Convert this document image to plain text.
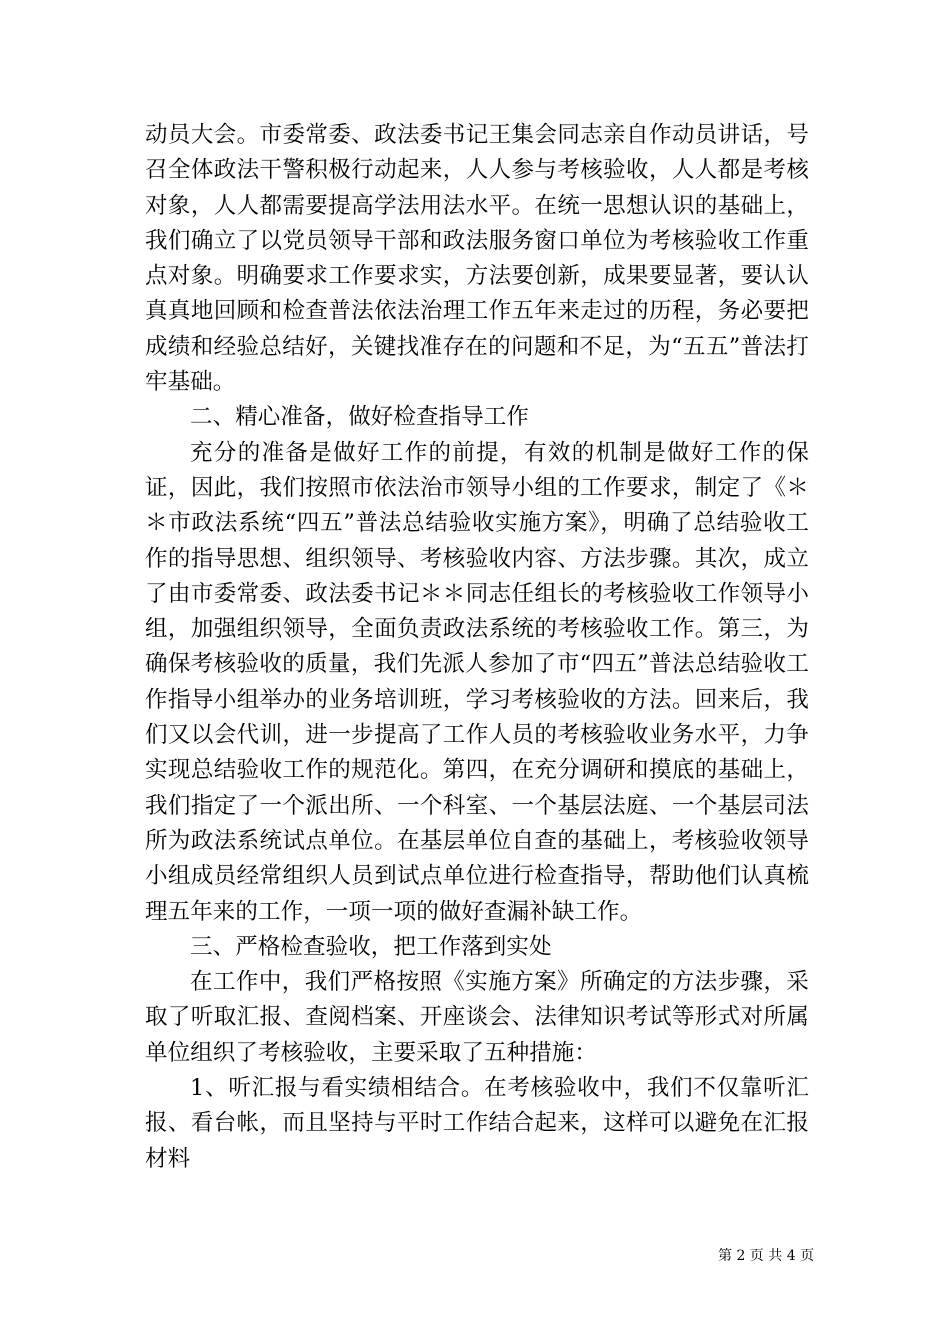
动员大会。市委常委、政法委书记王集会同志亲自作动员讲话，号召全体政法干警积极行动起来，人人参与考核验收，人人都是考核对象，人人都需要提高学法用法水平。在统一思想认识的基础上，我们确立了以党员领导干部和政法服务窗口单位为考核验收工作重点对象。明确要求工作要求实，方法要创新，成果要显著，要认认真真地回顾和检查普法依法治理工作五年来走过的历程，务必要把成绩和经验总结好，关键找准存在的问题和不足，为“五五”普法打牢基础。

二、精心准备，做好检查指导工作

充分的准备是做好工作的前提，有效的机制是做好工作的保证，因此，我们按照市依法治市领导小组的工作要求，制定了《＊＊市政法系统“四五”普法总结验收实施方案》，明确了总结验收工作的指导思想、组织领导、考核验收内容、方法步骤。其次，成立了由市委常委、政法委书记＊＊同志任组长的考核验收工作领导小组，加强组织领导，全面负责政法系统的考核验收工作。第三，为确保考核验收的质量，我们先派人参加了市“四五”普法总结验收工作指导小组举办的业务培训班，学习考核验收的方法。回来后，我们又以会代训，进一步提高了工作人员的考核验收业务水平，力争实现总结验收工作的规范化。第四，在充分调研和摸底的基础上，我们指定了一个派出所、一个科室、一个基层法庭、一个基层司法所为政法系统试点单位。在基层单位自查的基础上，考核验收领导小组成员经常组织人员到试点单位进行检查指导，帮助他们认真梳理五年来的工作，一项一项的做好查漏补缺工作。

三、严格检查验收，把工作落到实处

在工作中，我们严格按照《实施方案》所确定的方法步骤，采取了听取汇报、查阅档案、开座谈会、法律知识考试等形式对所属单位组织了考核验收，主要采取了五种措施：

1、听汇报与看实绩相结合。在考核验收中，我们不仅靠听汇报、看台帐，而且坚持与平时工作结合起来，这样可以避免在汇报材料

第 2 页 共 4 页
